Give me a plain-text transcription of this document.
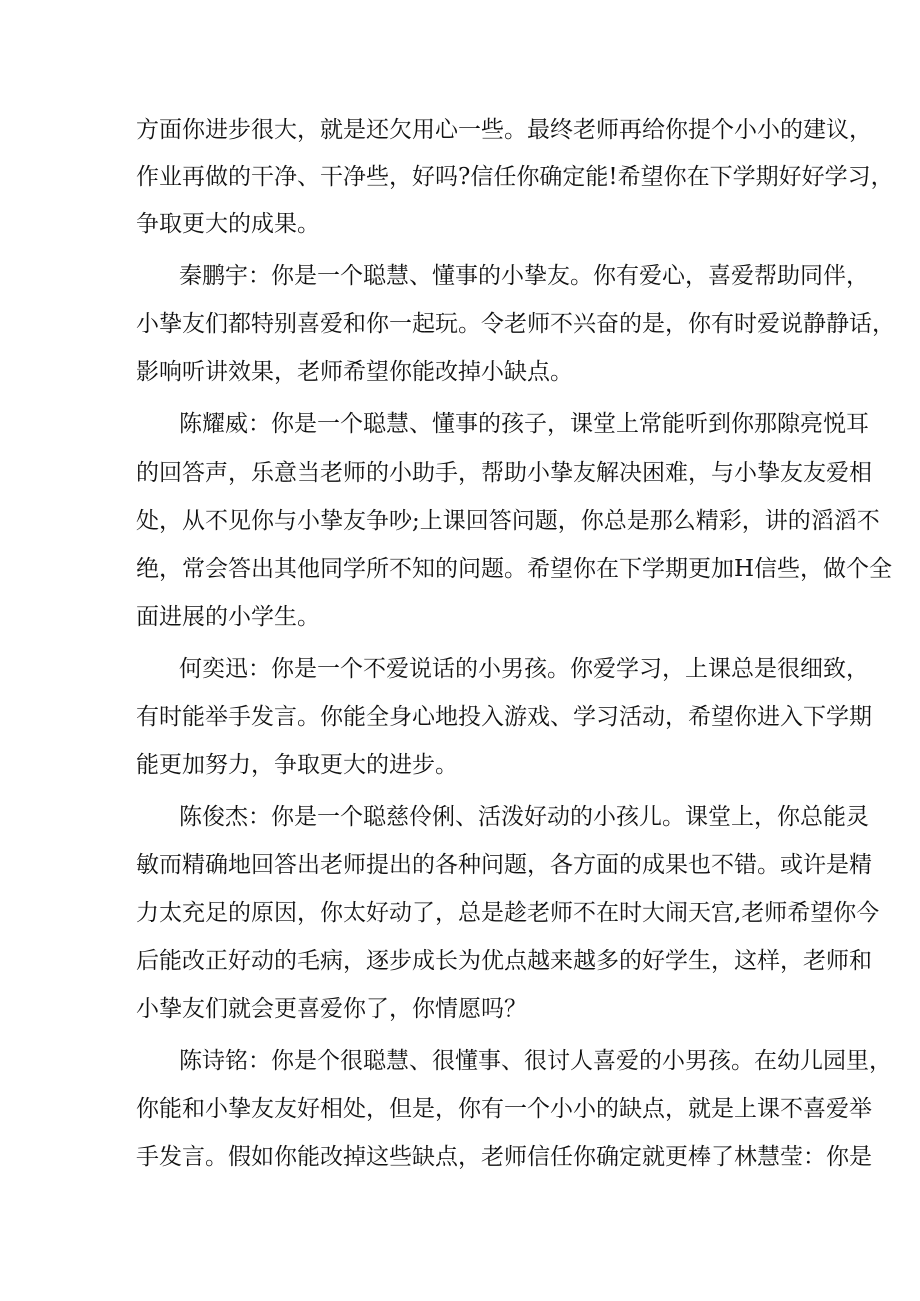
方面你进步很大，就是还欠用心一些。最终老师再给你提个小小的建议，

作业再做的干净、干净些，好吗?信任你确定能!希望你在下学期好好学习，

争取更大的成果。

秦鹏宇：你是一个聪慧、懂事的小挚友。你有爱心，喜爱帮助同伴，

小挚友们都特别喜爱和你一起玩。令老师不兴奋的是，你有时爱说静静话，

影响听讲效果，老师希望你能改掉小缺点。

陈耀威：你是一个聪慧、懂事的孩子，课堂上常能听到你那隙亮悦耳

的回答声，乐意当老师的小助手，帮助小挚友解决困难，与小挚友友爱相

处，从不见你与小挚友争吵;上课回答问题，你总是那么精彩，讲的滔滔不

绝，常会答出其他同学所不知的问题。希望你在下学期更加H信些，做个全

面进展的小学生。

何奕迅：你是一个不爱说话的小男孩。你爱学习，上课总是很细致，

有时能举手发言。你能全身心地投入游戏、学习活动，希望你进入下学期

能更加努力，争取更大的进步。

陈俊杰：你是一个聪慈伶俐、活泼好动的小孩儿。课堂上，你总能灵

敏而精确地回答出老师提出的各种问题，各方面的成果也不错。或许是精

力太充足的原因，你太好动了，总是趁老师不在时大闹天宫,老师希望你今

后能改正好动的毛病，逐步成长为优点越来越多的好学生，这样，老师和

小挚友们就会更喜爱你了，你情愿吗？

陈诗铭：你是个很聪慧、很懂事、很讨人喜爱的小男孩。在幼儿园里，

你能和小挚友友好相处，但是，你有一个小小的缺点，就是上课不喜爱举

手发言。假如你能改掉这些缺点，老师信任你确定就更棒了林慧莹：你是
